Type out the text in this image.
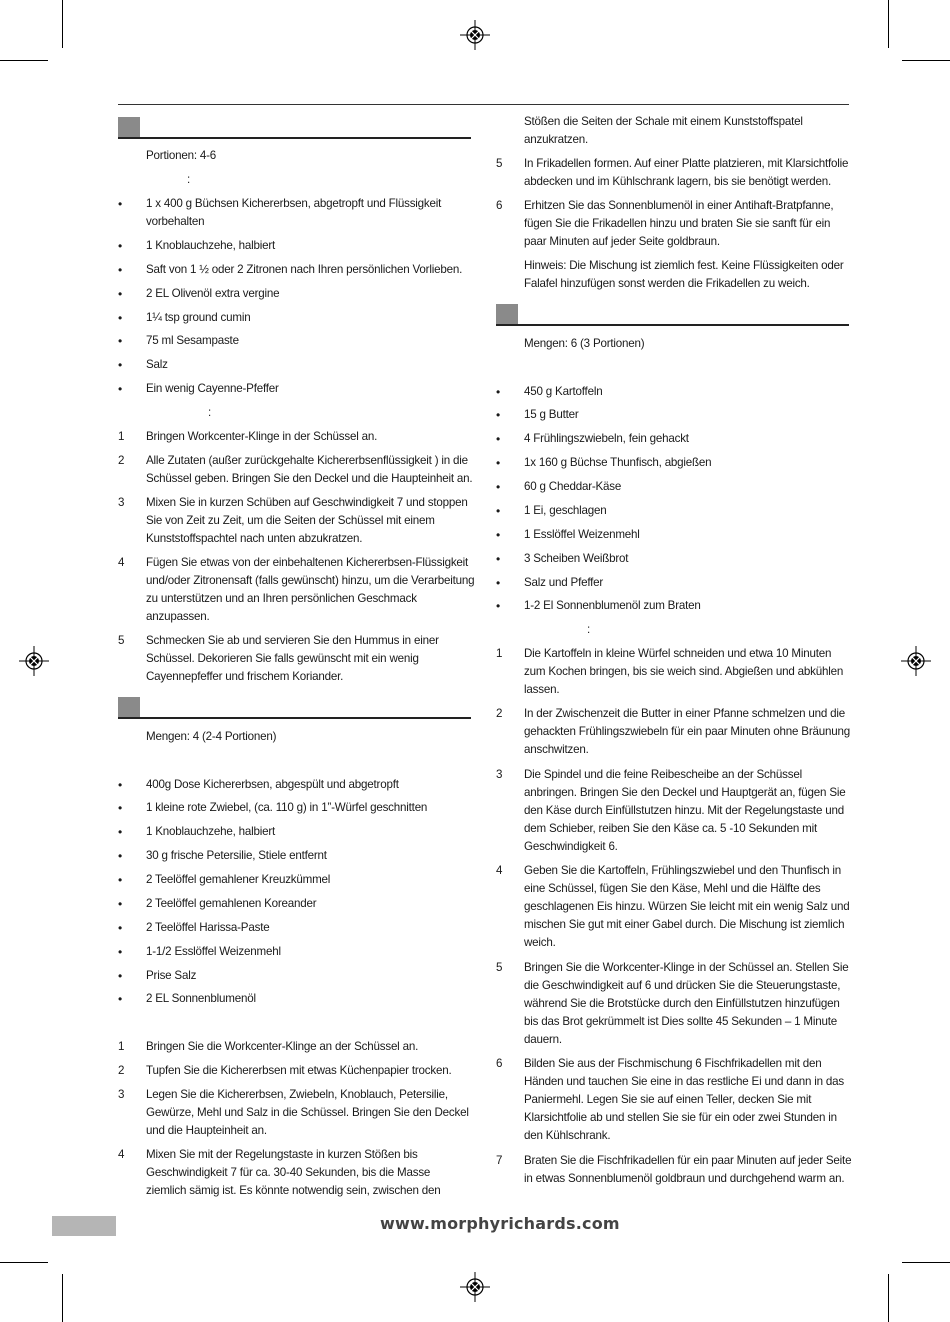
Portionen: 4-6
:
• 1 x 400 g Büchsen Kichererbsen, abgetropft und Flüssigkeit
vorbehalten
• 1 Knoblauchzehe, halbiert
• Saft von 1 ½ oder 2 Zitronen nach Ihren persönlichen Vorlieben.
• 2 EL Olivenöl extra vergine
• 1¼ tsp ground cumin
• 75 ml Sesampaste
• Salz
• Ein wenig Cayenne-Pfeffer
:
1 Bringen Workcenter-Klinge in der Schüssel an.
2 Alle Zutaten (außer zurückgehalte Kichererbsenflüssigkeit ) in die
Schüssel geben. Bringen Sie den Deckel und die Haupteinheit an.
3 Mixen Sie in kurzen Schüben auf Geschwindigkeit 7 und stoppen
Sie von Zeit zu Zeit, um die Seiten der Schüssel mit einem
Kunststoffspachtel nach unten abzukratzen.
4 Fügen Sie etwas von der einbehaltenen Kichererbsen-Flüssigkeit
und/oder Zitronensaft (falls gewünscht) hinzu, um die Verarbeitung
zu unterstützen und an Ihren persönlichen Geschmack
anzupassen.
5 Schmecken Sie ab und servieren Sie den Hummus in einer
Schüssel. Dekorieren Sie falls gewünscht mit ein wenig
Cayennepfeffer und frischem Koriander.
Mengen: 4 (2-4 Portionen)
• 400g Dose Kichererbsen, abgespült und abgetropft
• 1 kleine rote Zwiebel, (ca. 110 g) in 1”-Würfel geschnitten
• 1 Knoblauchzehe, halbiert
• 30 g frische Petersilie, Stiele entfernt
• 2 Teelöffel gemahlener Kreuzkümmel
• 2 Teelöffel gemahlenen Koreander
• 2 Teelöffel Harissa-Paste
• 1-1/2 Esslöffel Weizenmehl
• Prise Salz
• 2 EL Sonnenblumenöl
1 Bringen Sie die Workcenter-Klinge an der Schüssel an.
2 Tupfen Sie die Kichererbsen mit etwas Küchenpapier trocken.
3 Legen Sie die Kichererbsen, Zwiebeln, Knoblauch, Petersilie,
Gewürze, Mehl und Salz in die Schüssel. Bringen Sie den Deckel
und die Haupteinheit an.
4 Mixen Sie mit der Regelungstaste in kurzen Stößen bis
Geschwindigkeit 7 für ca. 30-40 Sekunden, bis die Masse
ziemlich sämig ist. Es könnte notwendig sein, zwischen den
Stößen die Seiten der Schale mit einem Kunststoffspatel
anzukratzen.
5 In Frikadellen formen. Auf einer Platte platzieren, mit Klarsichtfolie
abdecken und im Kühlschrank lagern, bis sie benötigt werden.
6 Erhitzen Sie das Sonnenblumenöl in einer Antihaft-Bratpfanne,
fügen Sie die Frikadellen hinzu und braten Sie sie sanft für ein
paar Minuten auf jeder Seite goldbraun.
Hinweis: Die Mischung ist ziemlich fest. Keine Flüssigkeiten oder
Falafel hinzufügen sonst werden die Frikadellen zu weich.
Mengen: 6 (3 Portionen)
• 450 g Kartoffeln
• 15 g Butter
• 4 Frühlingszwiebeln, fein gehackt
• 1x 160 g Büchse Thunfisch, abgießen
• 60 g Cheddar-Käse
• 1 Ei, geschlagen
• 1 Esslöffel Weizenmehl
• 3 Scheiben Weißbrot
• Salz und Pfeffer
• 1-2 El Sonnenblumenöl zum Braten
:
1 Die Kartoffeln in kleine Würfel schneiden und etwa 10 Minuten
zum Kochen bringen, bis sie weich sind. Abgießen und abkühlen
lassen.
2 In der Zwischenzeit die Butter in einer Pfanne schmelzen und die
gehackten Frühlingszwiebeln für ein paar Minuten ohne Bräunung
anschwitzen.
3 Die Spindel und die feine Reibescheibe an der Schüssel
anbringen. Bringen Sie den Deckel und Hauptgerät an, fügen Sie
den Käse durch Einfüllstutzen hinzu. Mit der Regelungstaste und
dem Schieber, reiben Sie den Käse ca. 5 -10 Sekunden mit
Geschwindigkeit 6.
4 Geben Sie die Kartoffeln, Frühlingszwiebel und den Thunfisch in
eine Schüssel, fügen Sie den Käse, Mehl und die Hälfte des
geschlagenen Eis hinzu. Würzen Sie leicht mit ein wenig Salz und
mischen Sie gut mit einer Gabel durch. Die Mischung ist ziemlich
weich.
5 Bringen Sie die Workcenter-Klinge in der Schüssel an. Stellen Sie
die Geschwindigkeit auf 6 und drücken Sie die Steuerungstaste,
während Sie die Brotstücke durch den Einfüllstutzen hinzufügen
bis das Brot gekrümmelt ist Dies sollte 45 Sekunden – 1 Minute
dauern.
6 Bilden Sie aus der Fischmischung 6 Fischfrikadellen mit den
Händen und tauchen Sie eine in das restliche Ei und dann in das
Paniermehl. Legen Sie sie auf einen Teller, decken Sie mit
Klarsichtfolie ab und stellen Sie sie für ein oder zwei Stunden in
den Kühlschrank.
7 Braten Sie die Fischfrikadellen für ein paar Minuten auf jeder Seite
in etwas Sonnenblumenöl goldbraun und durchgehend warm an.
www.morphyrichards.com
